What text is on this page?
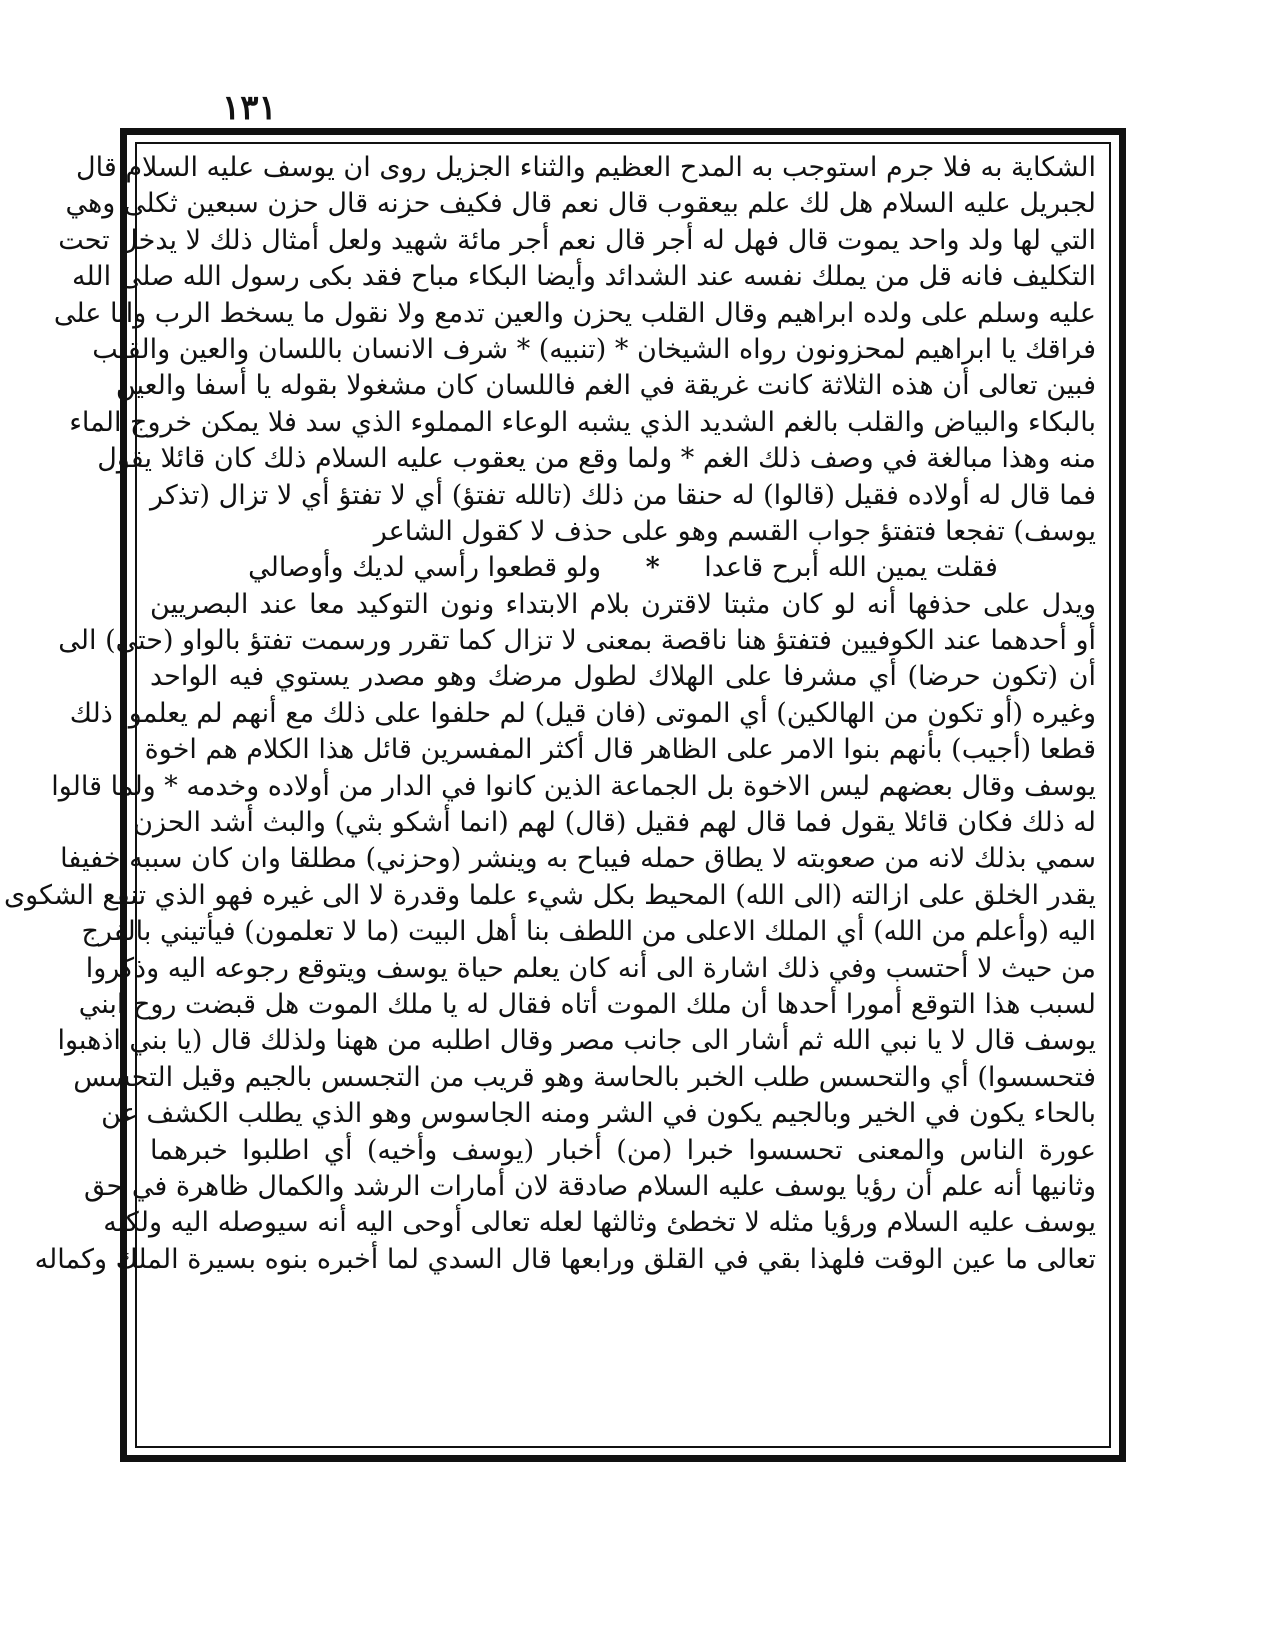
١٣١
الشكاية به فلا جرم استوجب به المدح العظيم والثناء الجزيل روى ان يوسف عليه السلام قال
لجبريل عليه السلام هل لك علم بيعقوب قال نعم قال فكيف حزنه قال حزن سبعين ثكلى وهي
التي لها ولد واحد يموت قال فهل له أجر قال نعم أجر مائة شهيد ولعل أمثال ذلك لا يدخل تحت
التكليف فانه قل من يملك نفسه عند الشدائد وأيضا البكاء مباح فقد بكى رسول الله صلى الله
عليه وسلم على ولده ابراهيم وقال القلب يحزن والعين تدمع ولا نقول ما يسخط الرب وانا على
فراقك يا ابراهيم لمحزونون رواه الشيخان * (تنبيه) * شرف الانسان باللسان والعين والقلب
فبين تعالى أن هذه الثلاثة كانت غريقة في الغم فاللسان كان مشغولا بقوله يا أسفا والعين
بالبكاء والبياض والقلب بالغم الشديد الذي يشبه الوعاء المملوء الذي سد فلا يمكن خروج الماء
منه وهذا مبالغة في وصف ذلك الغم * ولما وقع من يعقوب عليه السلام ذلك كان قائلا يقول
فما قال له أولاده فقيل (قالوا) له حنقا من ذلك (تالله تفتؤ) أي لا تفتؤ أي لا تزال (تذكر
يوسف) تفجعا فتفتؤ جواب القسم وهو على حذف لا كقول الشاعر
فقلت يمين الله أبرح قاعدا * ولو قطعوا رأسي لديك وأوصالي
ويدل على حذفها أنه لو كان مثبتا لاقترن بلام الابتداء ونون التوكيد معا عند البصريين
أو أحدهما عند الكوفيين فتفتؤ هنا ناقصة بمعنى لا تزال كما تقرر ورسمت تفتؤ بالواو (حتى) الى
أن (تكون حرضا) أي مشرفا على الهلاك لطول مرضك وهو مصدر يستوي فيه الواحد
وغيره (أو تكون من الهالكين) أي الموتى (فان قيل) لم حلفوا على ذلك مع أنهم لم يعلموا ذلك
قطعا (أجيب) بأنهم بنوا الامر على الظاهر قال أكثر المفسرين قائل هذا الكلام هم اخوة
يوسف وقال بعضهم ليس الاخوة بل الجماعة الذين كانوا في الدار من أولاده وخدمه * ولما قالوا
له ذلك فكان قائلا يقول فما قال لهم فقيل (قال) لهم (انما أشكو بثي) والبث أشد الحزن
سمي بذلك لانه من صعوبته لا يطاق حمله فيباح به وينشر (وحزني) مطلقا وان كان سببه خفيفا
يقدر الخلق على ازالته (الى الله) المحيط بكل شيء علما وقدرة لا الى غيره فهو الذي تنفع الشكوى
اليه (وأعلم من الله) أي الملك الاعلى من اللطف بنا أهل البيت (ما لا تعلمون) فيأتيني بالفرج
من حيث لا أحتسب وفي ذلك اشارة الى أنه كان يعلم حياة يوسف ويتوقع رجوعه اليه وذكروا
لسبب هذا التوقع أمورا أحدها أن ملك الموت أتاه فقال له يا ملك الموت هل قبضت روح ابني
يوسف قال لا يا نبي الله ثم أشار الى جانب مصر وقال اطلبه من ههنا ولذلك قال (يا بني اذهبوا
فتحسسوا) أي والتحسس طلب الخبر بالحاسة وهو قريب من التجسس بالجيم وقيل التحسس
بالحاء يكون في الخير وبالجيم يكون في الشر ومنه الجاسوس وهو الذي يطلب الكشف عن
عورة الناس والمعنى تحسسوا خبرا (من) أخبار (يوسف وأخيه) أي اطلبوا خبرهما
وثانيها أنه علم أن رؤيا يوسف عليه السلام صادقة لان أمارات الرشد والكمال ظاهرة في حق
يوسف عليه السلام ورؤيا مثله لا تخطئ وثالثها لعله تعالى أوحى اليه أنه سيوصله اليه ولكنه
تعالى ما عين الوقت فلهذا بقي في القلق ورابعها قال السدي لما أخبره بنوه بسيرة الملك وكماله
